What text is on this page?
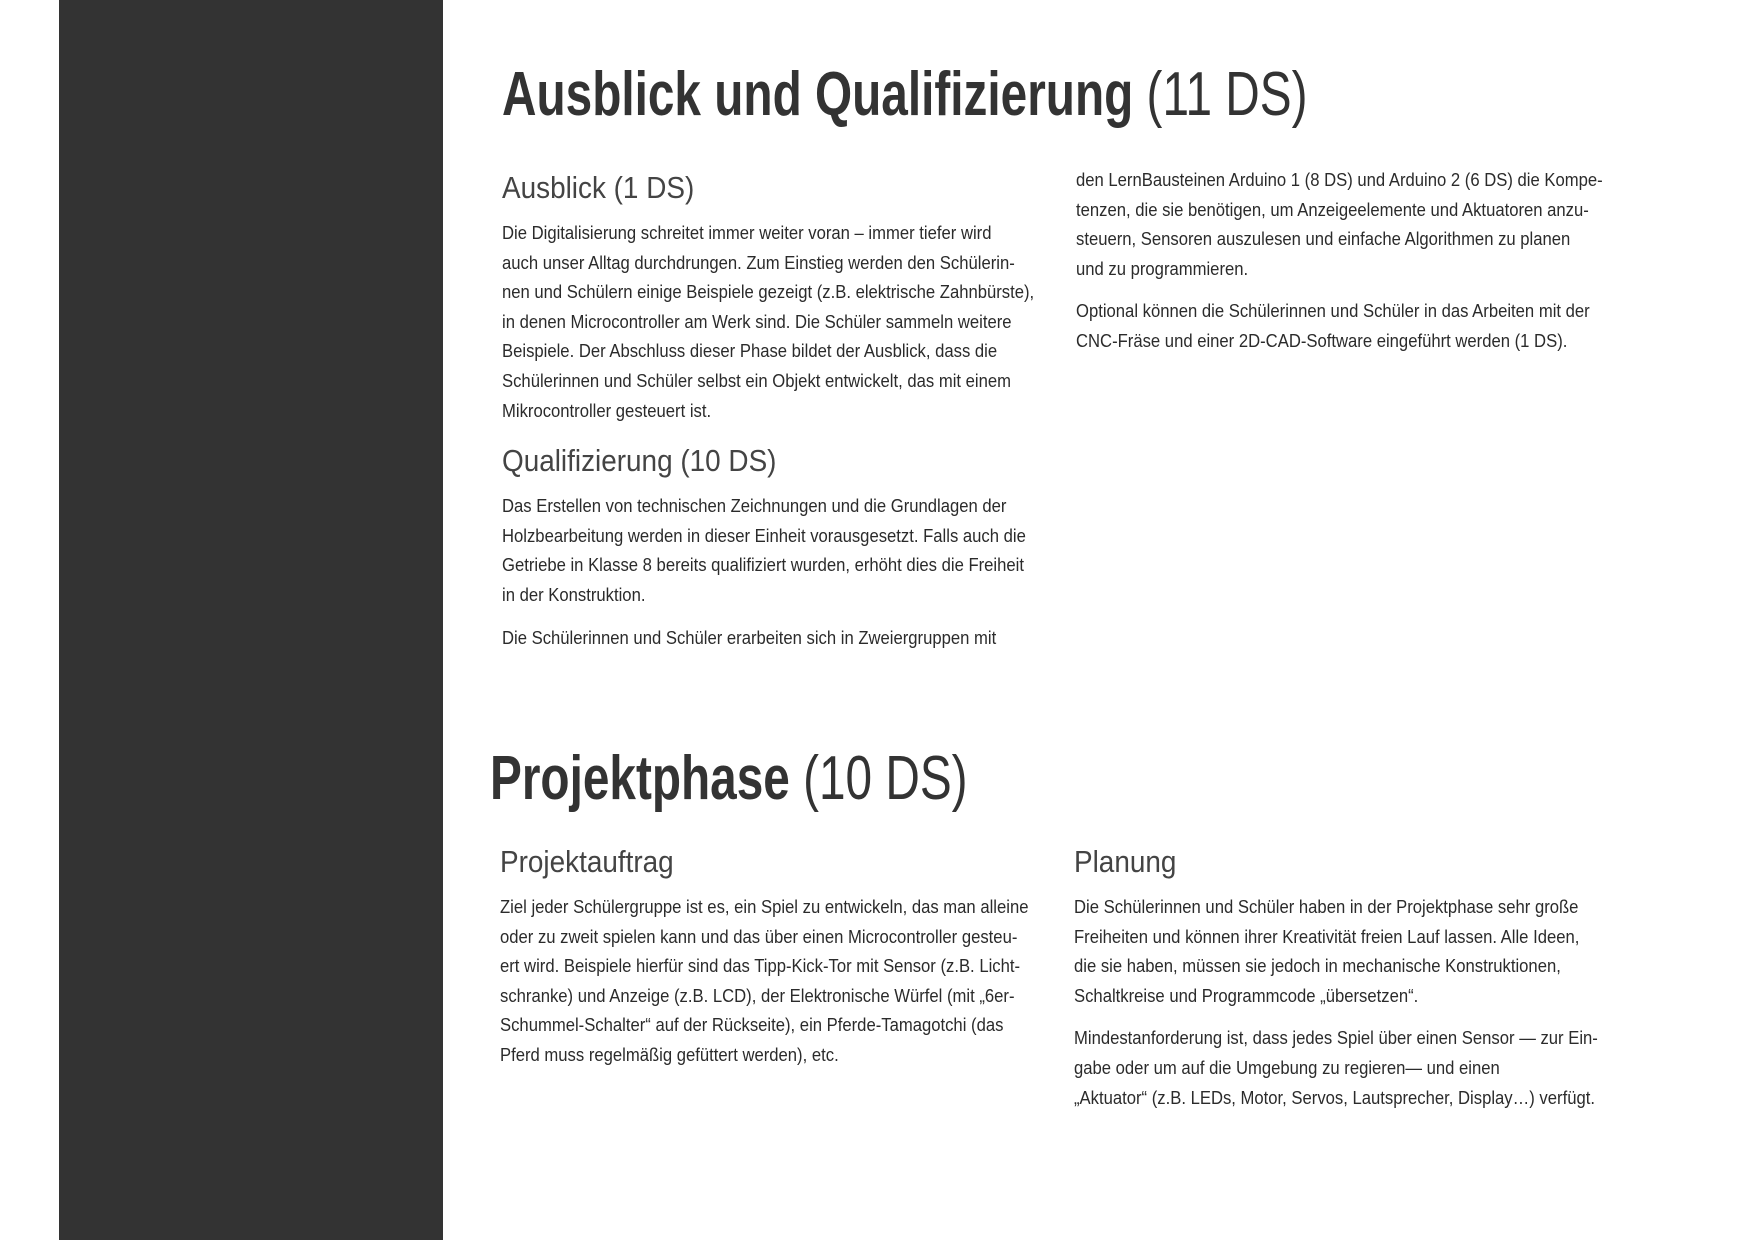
Ausblick und Qualifizierung (11 DS)
Ausblick (1 DS)

Die Digitalisierung schreitet immer weiter voran – immer tiefer wird
auch unser Alltag durchdrungen. Zum Einstieg werden den Schülerin-
nen und Schülern einige Beispiele gezeigt (z.B. elektrische Zahnbürste),
in denen Microcontroller am Werk sind. Die Schüler sammeln weitere
Beispiele. Der Abschluss dieser Phase bildet der Ausblick, dass die
Schülerinnen und Schüler selbst ein Objekt entwickelt, das mit einem
Mikrocontroller gesteuert ist.

Qualifizierung (10 DS)

Das Erstellen von technischen Zeichnungen und die Grundlagen der
Holzbearbeitung werden in dieser Einheit vorausgesetzt. Falls auch die
Getriebe in Klasse 8 bereits qualifiziert wurden, erhöht dies die Freiheit
in der Konstruktion.

Die Schülerinnen und Schüler erarbeiten sich in Zweiergruppen mit

den LernBausteinen Arduino 1 (8 DS) und Arduino 2 (6 DS) die Kompe-
tenzen, die sie benötigen, um Anzeigeelemente und Aktuatoren anzu-
steuern, Sensoren auszulesen und einfache Algorithmen zu planen
und zu programmieren.

Optional können die Schülerinnen und Schüler in das Arbeiten mit der
CNC-Fräse und einer 2D-CAD-Software eingeführt werden (1 DS).

Projektphase (10 DS)
Projektauftrag

Ziel jeder Schülergruppe ist es, ein Spiel zu entwickeln, das man alleine
oder zu zweit spielen kann und das über einen Microcontroller gesteu-
ert wird. Beispiele hierfür sind das Tipp-Kick-Tor mit Sensor (z.B. Licht-
schranke) und Anzeige (z.B. LCD), der Elektronische Würfel (mit „6er-
Schummel-Schalter“ auf der Rückseite), ein Pferde-Tamagotchi (das
Pferd muss regelmäßig gefüttert werden), etc.

Planung

Die Schülerinnen und Schüler haben in der Projektphase sehr große
Freiheiten und können ihrer Kreativität freien Lauf lassen. Alle Ideen,
die sie haben, müssen sie jedoch in mechanische Konstruktionen,
Schaltkreise und Programmcode „übersetzen“.

Mindestanforderung ist, dass jedes Spiel über einen Sensor — zur Ein-
gabe oder um auf die Umgebung zu regieren— und einen
„Aktuator“ (z.B. LEDs, Motor, Servos, Lautsprecher, Display…) verfügt.
